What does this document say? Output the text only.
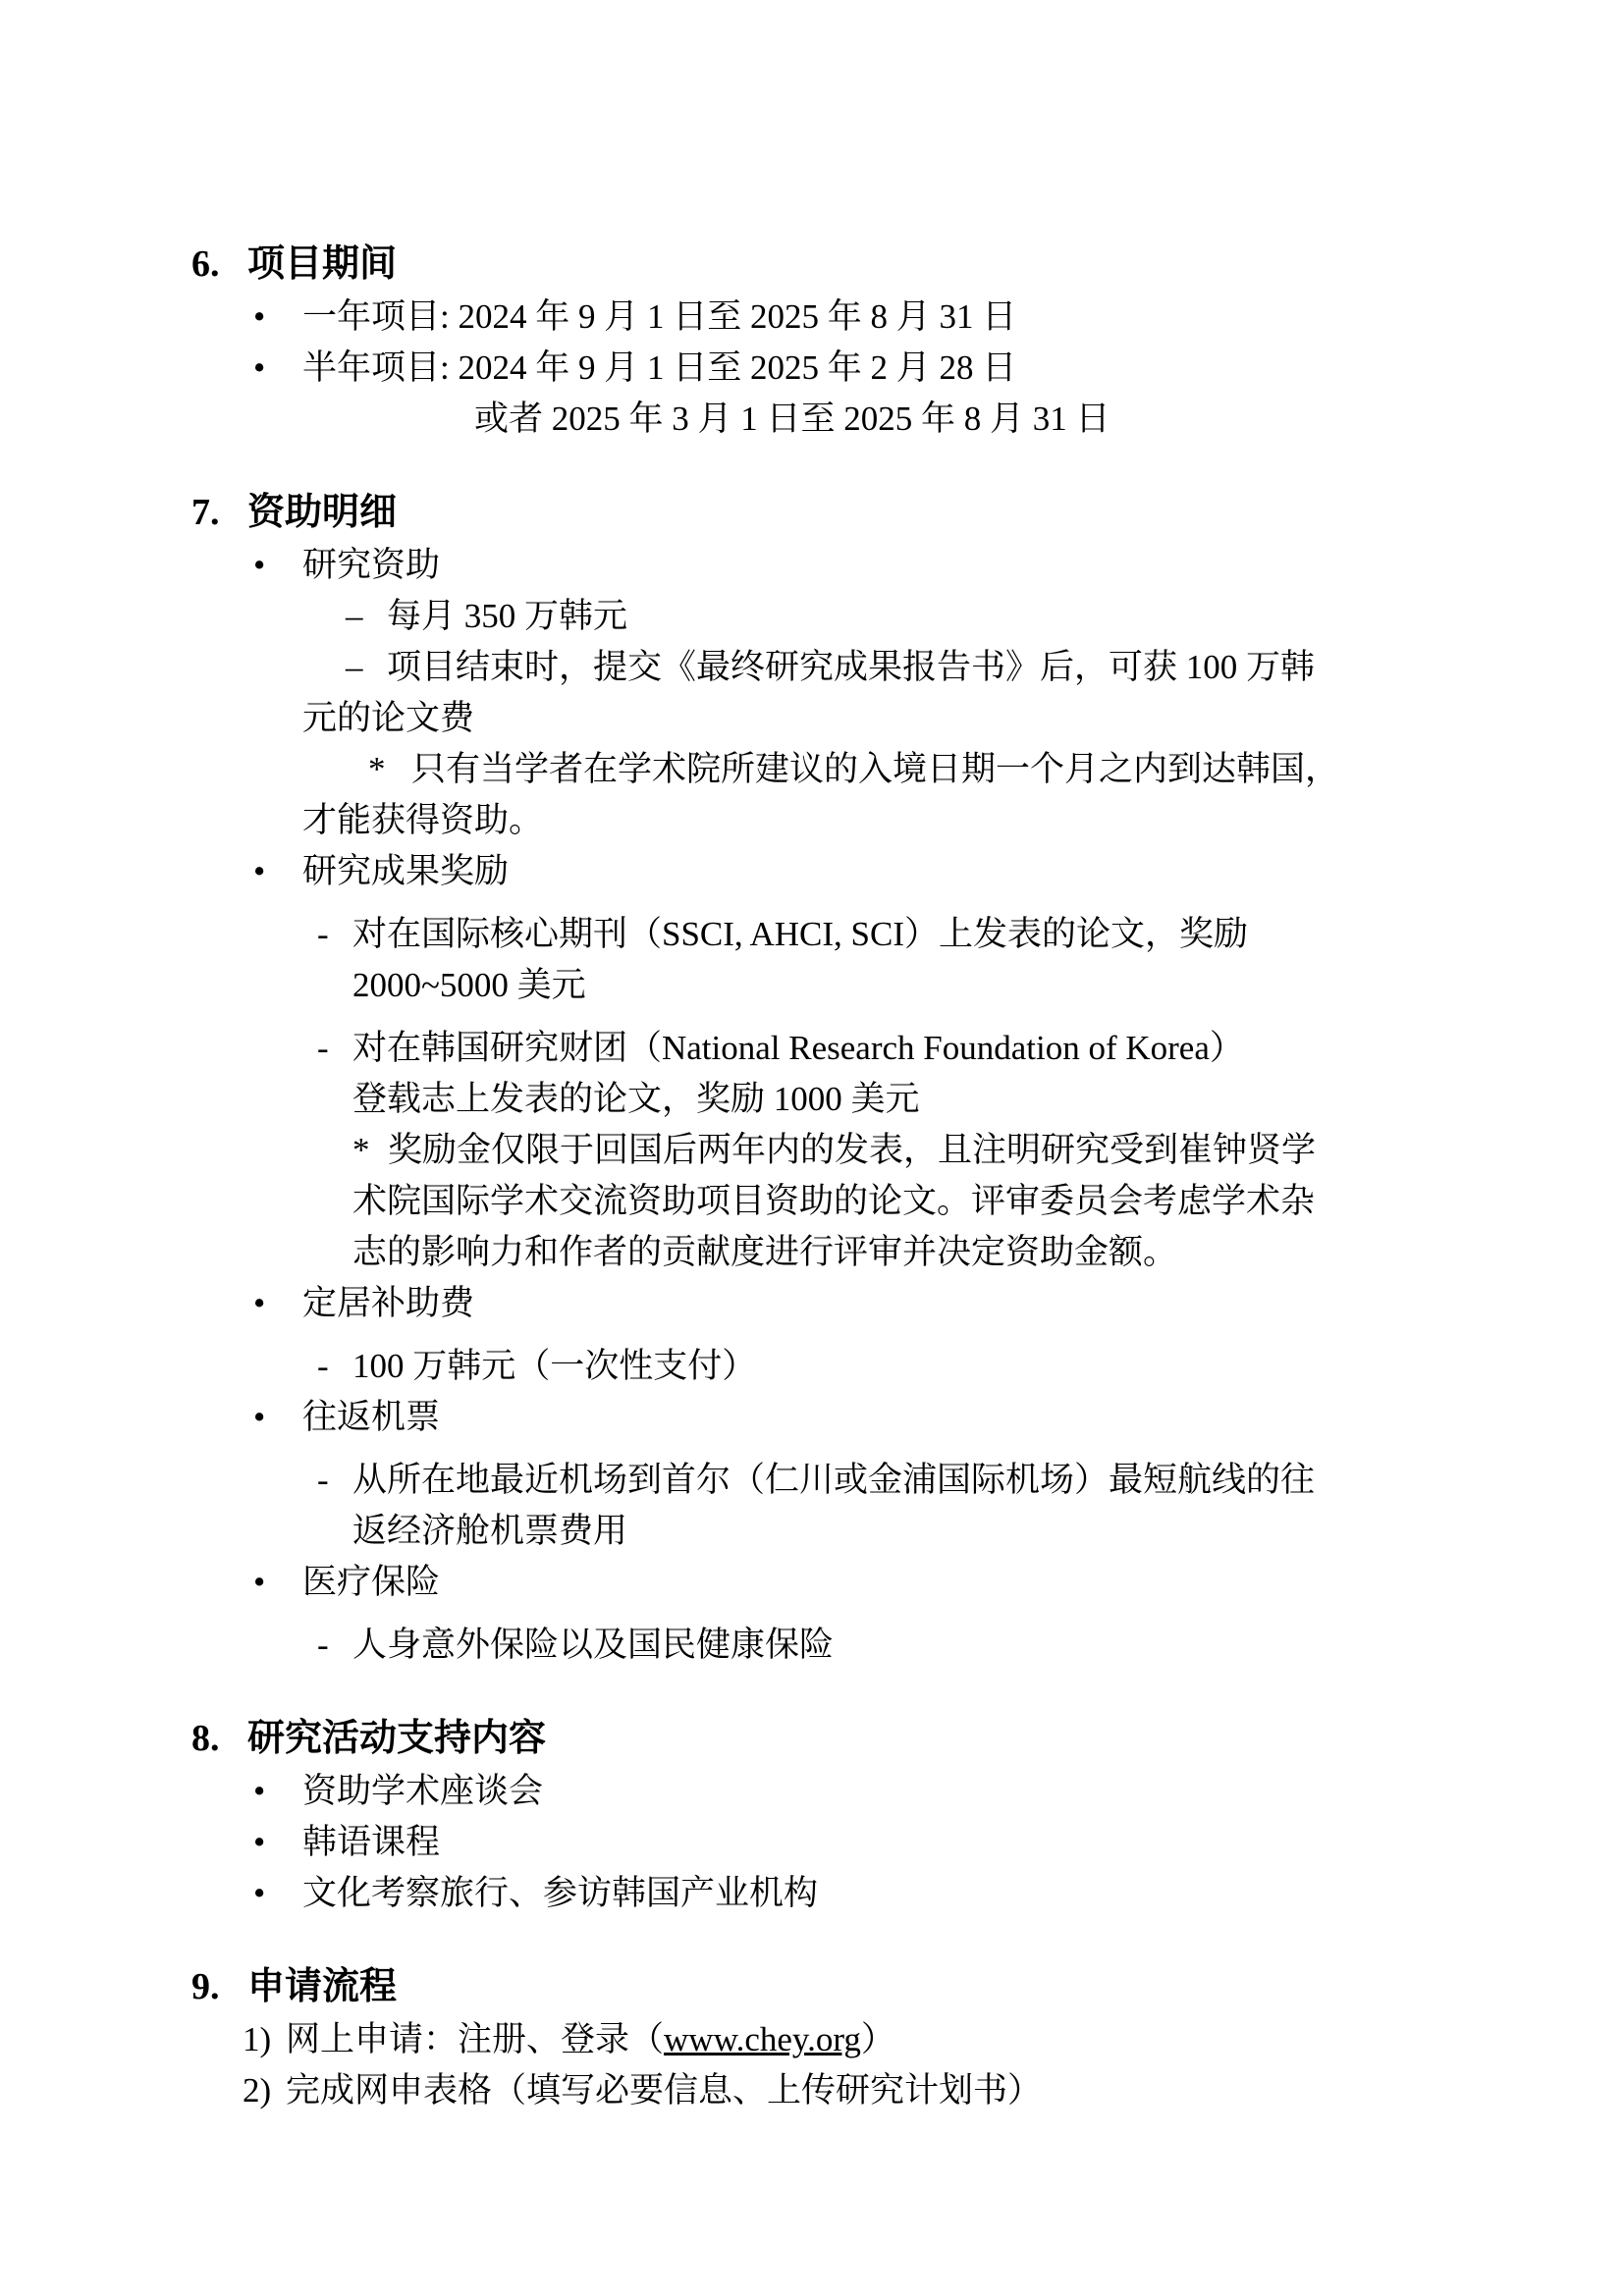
6. 项目期间
• 一年项目: 2024 年 9 月 1 日至 2025 年 8 月 31 日
• 半年项目: 2024 年 9 月 1 日至 2025 年 2 月 28 日
或者 2025 年 3 月 1 日至 2025 年 8 月 31 日
7. 资助明细
• 研究资助
– 每月 350 万韩元
– 项目结束时，提交《最终研究成果报告书》后，可获 100 万韩
元的论文费
* 只有当学者在学术院所建议的入境日期一个月之内到达韩国，
才能获得资助。
• 研究成果奖励
- 对在国际核心期刊（SSCI, AHCI, SCI）上发表的论文，奖励
2000~5000 美元
- 对在韩国研究财团（National Research Foundation of Korea）
登载志上发表的论文，奖励 1000 美元
* 奖励金仅限于回国后两年内的发表，且注明研究受到崔钟贤学
术院国际学术交流资助项目资助的论文。评审委员会考虑学术杂
志的影响力和作者的贡献度进行评审并决定资助金额。
• 定居补助费
- 100 万韩元（一次性支付）
• 往返机票
- 从所在地最近机场到首尔（仁川或金浦国际机场）最短航线的往
返经济舱机票费用
• 医疗保险
- 人身意外保险以及国民健康保险
8. 研究活动支持内容
• 资助学术座谈会
• 韩语课程
• 文化考察旅行、参访韩国产业机构
9. 申请流程
1) 网上申请：注册、登录（www.chey.org）
2) 完成网申表格（填写必要信息、上传研究计划书）
